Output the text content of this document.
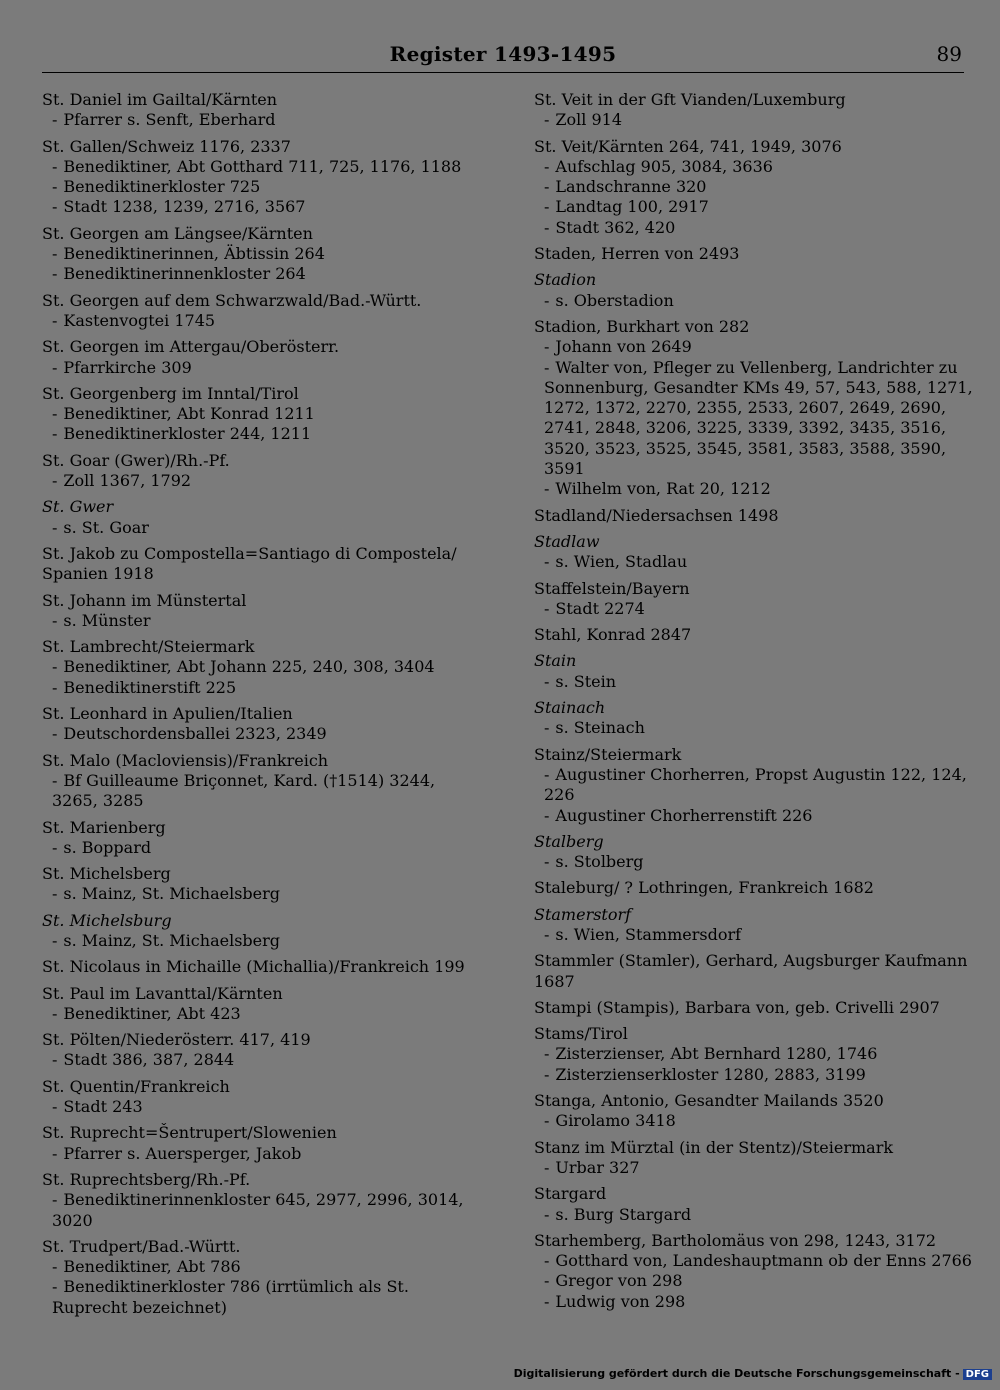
Register 1493-1495	89
St. Daniel im Gailtal/Kärnten
- Pfarrer s. Senft, Eberhard
St. Gallen/Schweiz 1176, 2337
- Benediktiner, Abt Gotthard 711, 725, 1176, 1188
- Benediktinerkloster 725
- Stadt 1238, 1239, 2716, 3567
St. Georgen am Längsee/Kärnten
- Benediktinerinnen, Äbtissin 264
- Benediktinerinnenkloster 264
St. Georgen auf dem Schwarzwald/Bad.-Württ.
- Kastenvogtei 1745
St. Georgen im Attergau/Oberösterr.
- Pfarrkirche 309
St. Georgenberg im Inntal/Tirol
- Benediktiner, Abt Konrad 1211
- Benediktinerkloster 244, 1211
St. Goar (Gwer)/Rh.-Pf.
- Zoll 1367, 1792
St. Gwer
- s. St. Goar
St. Jakob zu Compostella=Santiago di Compostela/ Spanien 1918
St. Johann im Münstertal
- s. Münster
St. Lambrecht/Steiermark
- Benediktiner, Abt Johann 225, 240, 308, 3404
- Benediktinerstift 225
St. Leonhard in Apulien/Italien
- Deutschordensballei 2323, 2349
St. Malo (Macloviensis)/Frankreich
- Bf Guilleaume Briçonnet, Kard. (†1514) 3244, 3265, 3285
St. Marienberg
- s. Boppard
St. Michelsberg
- s. Mainz, St. Michaelsberg
St. Michelsburg
- s. Mainz, St. Michaelsberg
St. Nicolaus in Michaille (Michallia)/Frankreich 199
St. Paul im Lavanttal/Kärnten
- Benediktiner, Abt 423
St. Pölten/Niederösterr. 417, 419
- Stadt 386, 387, 2844
St. Quentin/Frankreich
- Stadt 243
St. Ruprecht=Šentrupert/Slowenien
- Pfarrer s. Auersperger, Jakob
St. Ruprechtsberg/Rh.-Pf.
- Benediktinerinnenkloster 645, 2977, 2996, 3014, 3020
St. Trudpert/Bad.-Württ.
- Benediktiner, Abt 786
- Benediktinerkloster 786 (irrtümlich als St. Ruprecht bezeichnet)
St. Veit in der Gft Vianden/Luxemburg
- Zoll 914
St. Veit/Kärnten 264, 741, 1949, 3076
- Aufschlag 905, 3084, 3636
- Landschranne 320
- Landtag 100, 2917
- Stadt 362, 420
Staden, Herren von 2493
Stadion
- s. Oberstadion
Stadion, Burkhart von 282
- Johann von 2649
- Walter von, Pfleger zu Vellenberg, Landrichter zu Sonnenburg, Gesandter KMs 49, 57, 543, 588, 1271, 1272, 1372, 2270, 2355, 2533, 2607, 2649, 2690, 2741, 2848, 3206, 3225, 3339, 3392, 3435, 3516, 3520, 3523, 3525, 3545, 3581, 3583, 3588, 3590, 3591
- Wilhelm von, Rat 20, 1212
Stadland/Niedersachsen 1498
Stadlaw
- s. Wien, Stadlau
Staffelstein/Bayern
- Stadt 2274
Stahl, Konrad 2847
Stain
- s. Stein
Stainach
- s. Steinach
Stainz/Steiermark
- Augustiner Chorherren, Propst Augustin 122, 124, 226
- Augustiner Chorherrenstift 226
Stalberg
- s. Stolberg
Staleburg/ ? Lothringen, Frankreich 1682
Stamerstorf
- s. Wien, Stammersdorf
Stammler (Stamler), Gerhard, Augsburger Kaufmann 1687
Stampi (Stampis), Barbara von, geb. Crivelli 2907
Stams/Tirol
- Zisterzienser, Abt Bernhard 1280, 1746
- Zisterzienserkloster 1280, 2883, 3199
Stanga, Antonio, Gesandter Mailands 3520
- Girolamo 3418
Stanz im Mürztal (in der Stentz)/Steiermark
- Urbar 327
Stargard
- s. Burg Stargard
Starhemberg, Bartholomäus von 298, 1243, 3172
- Gotthard von, Landeshauptmann ob der Enns 2766
- Gregor von 298
- Ludwig von 298
Digitalisierung gefördert durch die Deutsche Forschungsgemeinschaft - DFG
